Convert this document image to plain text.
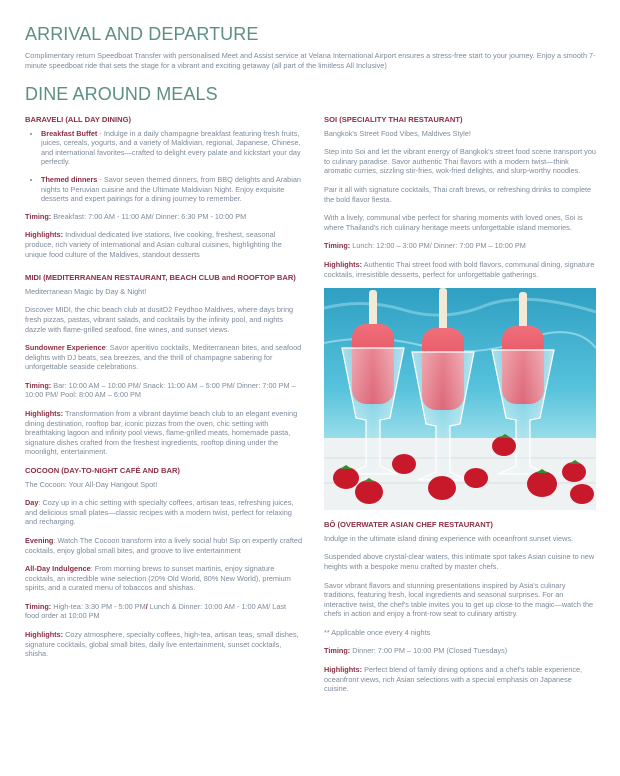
ARRIVAL AND DEPARTURE

Complimentary return Speedboat Transfer with personalised Meet and Assist service at Velana International Airport ensures a stress-free start to your journey. Enjoy a smooth 7-minute speedboat ride that sets the stage for a vibrant and exciting getaway (all part of the limitless All Inclusive)

DINE AROUND MEALS
BARAVELI (ALL DAY DINING)
• Breakfast Buffet - Indulge in a daily champagne breakfast featuring fresh fruits, juices, cereals, yogurts, and a variety of Maldivian, regional, Japanese, Chinese, and international favorites—crafted to delight every palate and kickstart your day perfectly.
• Themed dinners - Savor seven themed dinners, from BBQ delights and Arabian nights to Peruvian cuisine and the Ultimate Maldivian Night. Enjoy exquisite desserts and expert pairings for a dining journey to remember.

Timing: Breakfast: 7:00 AM - 11:00 AM/ Dinner: 6:30 PM - 10:00 PM

Highlights: Individual dedicated live stations, live cooking, freshest, seasonal produce, rich variety of international and Asian cultural cuisines, highlighting the unique food culture of the Maldives, standout desserts

MIDI (MEDITERRANEAN RESTAURANT, BEACH CLUB and ROOFTOP BAR)

Mediterranean Magic by Day & Night!

Discover MIDI, the chic beach club at dusitD2 Feydhoo Maldives, where days bring fresh pizzas, pastas, vibrant salads, and cocktails by the infinity pool, and nights dazzle with flame-grilled seafood, fine wines, and sunset views.

Sundowner Experience: Savor aperitivo cocktails, Mediterranean bites, and seafood delights with DJ beats, sea breezes, and the thrill of champagne sabering for unforgettable seaside celebrations.

Timing: Bar: 10:00 AM – 10:00 PM/ Snack: 11:00 AM – 5:00 PM/ Dinner: 7:00 PM – 10:00 PM/ Pool: 8:00 AM – 6:00 PM

Highlights: Transformation from a vibrant daytime beach club to an elegant evening dining destination, rooftop bar, iconic pizzas from the oven, chic setting with breathtaking lagoon and infinity pool views, flame-grilled meats, homemade pasta, signature dishes crafted from the freshest ingredients, rooftop dining under the moonlight, entertainment.

COCOON (DAY-TO-NIGHT CAFÉ AND BAR)

The Cocoon: Your All-Day Hangout Spot!

Day: Cozy up in a chic setting with specialty coffees, artisan teas, refreshing juices, and delicious small plates—classic recipes with a modern twist, perfect for relaxing and recharging.

Evening: Watch The Cocoon transform into a lively social hub! Sip on expertly crafted cocktails, enjoy global small bites, and groove to live entertainment

All-Day Indulgence: From morning brews to sunset martinis, enjoy signature cocktails, an incredible wine selection (20% Old World, 80% New World), premium spirits, and a curated menu of tobaccos and shishas.

Timing: High-tea: 3:30 PM - 5:00 PM/ Lunch & Dinner: 10:00 AM - 1:00 AM/ Last food order at 10:00 PM

Highlights: Cozy atmosphere, specialty coffees, high-tea, artisan teas, small dishes, signature cocktails, global small bites, daily live entertainment, sunset cocktails, shisha.

SOI (SPECIALITY THAI RESTAURANT)

Bangkok's Street Food Vibes, Maldives Style!

Step into Soi and let the vibrant energy of Bangkok's street food scene transport you to culinary paradise. Savor authentic Thai flavors with a modern twist—think aromatic curries, sizzling stir-fries, wok-fried delights, and slurp-worthy noodles.

Pair it all with signature cocktails, Thai craft brews, or refreshing drinks to complete the bold flavor fiesta.

With a lively, communal vibe perfect for sharing moments with loved ones, Soi is where Thailand's rich culinary heritage meets unforgettable island memories.

Timing: Lunch: 12:00 – 3:00 PM/ Dinner: 7:00 PM – 10:00 PM

Highlights: Authentic Thai street food with bold flavors, communal dining, signature cocktails, irresistible desserts, perfect for unforgettable gatherings.

BÔ (OVERWATER ASIAN CHEF RESTAURANT)

Indulge in the ultimate island dining experience with oceanfront sunset views.

Suspended above crystal-clear waters, this intimate spot takes Asian cuisine to new heights with a bespoke menu crafted by master chefs.

Savor vibrant flavors and stunning presentations inspired by Asia's culinary traditions, featuring fresh, local ingredients and seasonal surprises. For an interactive twist, the chef's table invites you to get up close to the magic—watch the chefs in action and enjoy a front-row seat to culinary artistry.

** Applicable once every 4 nights

Timing: Dinner: 7:00 PM – 10:00 PM (Closed Tuesdays)

Highlights: Perfect blend of family dining options and a chef's table experience, oceanfront views, rich Asian selections with a special emphasis on Japanese cuisine.
